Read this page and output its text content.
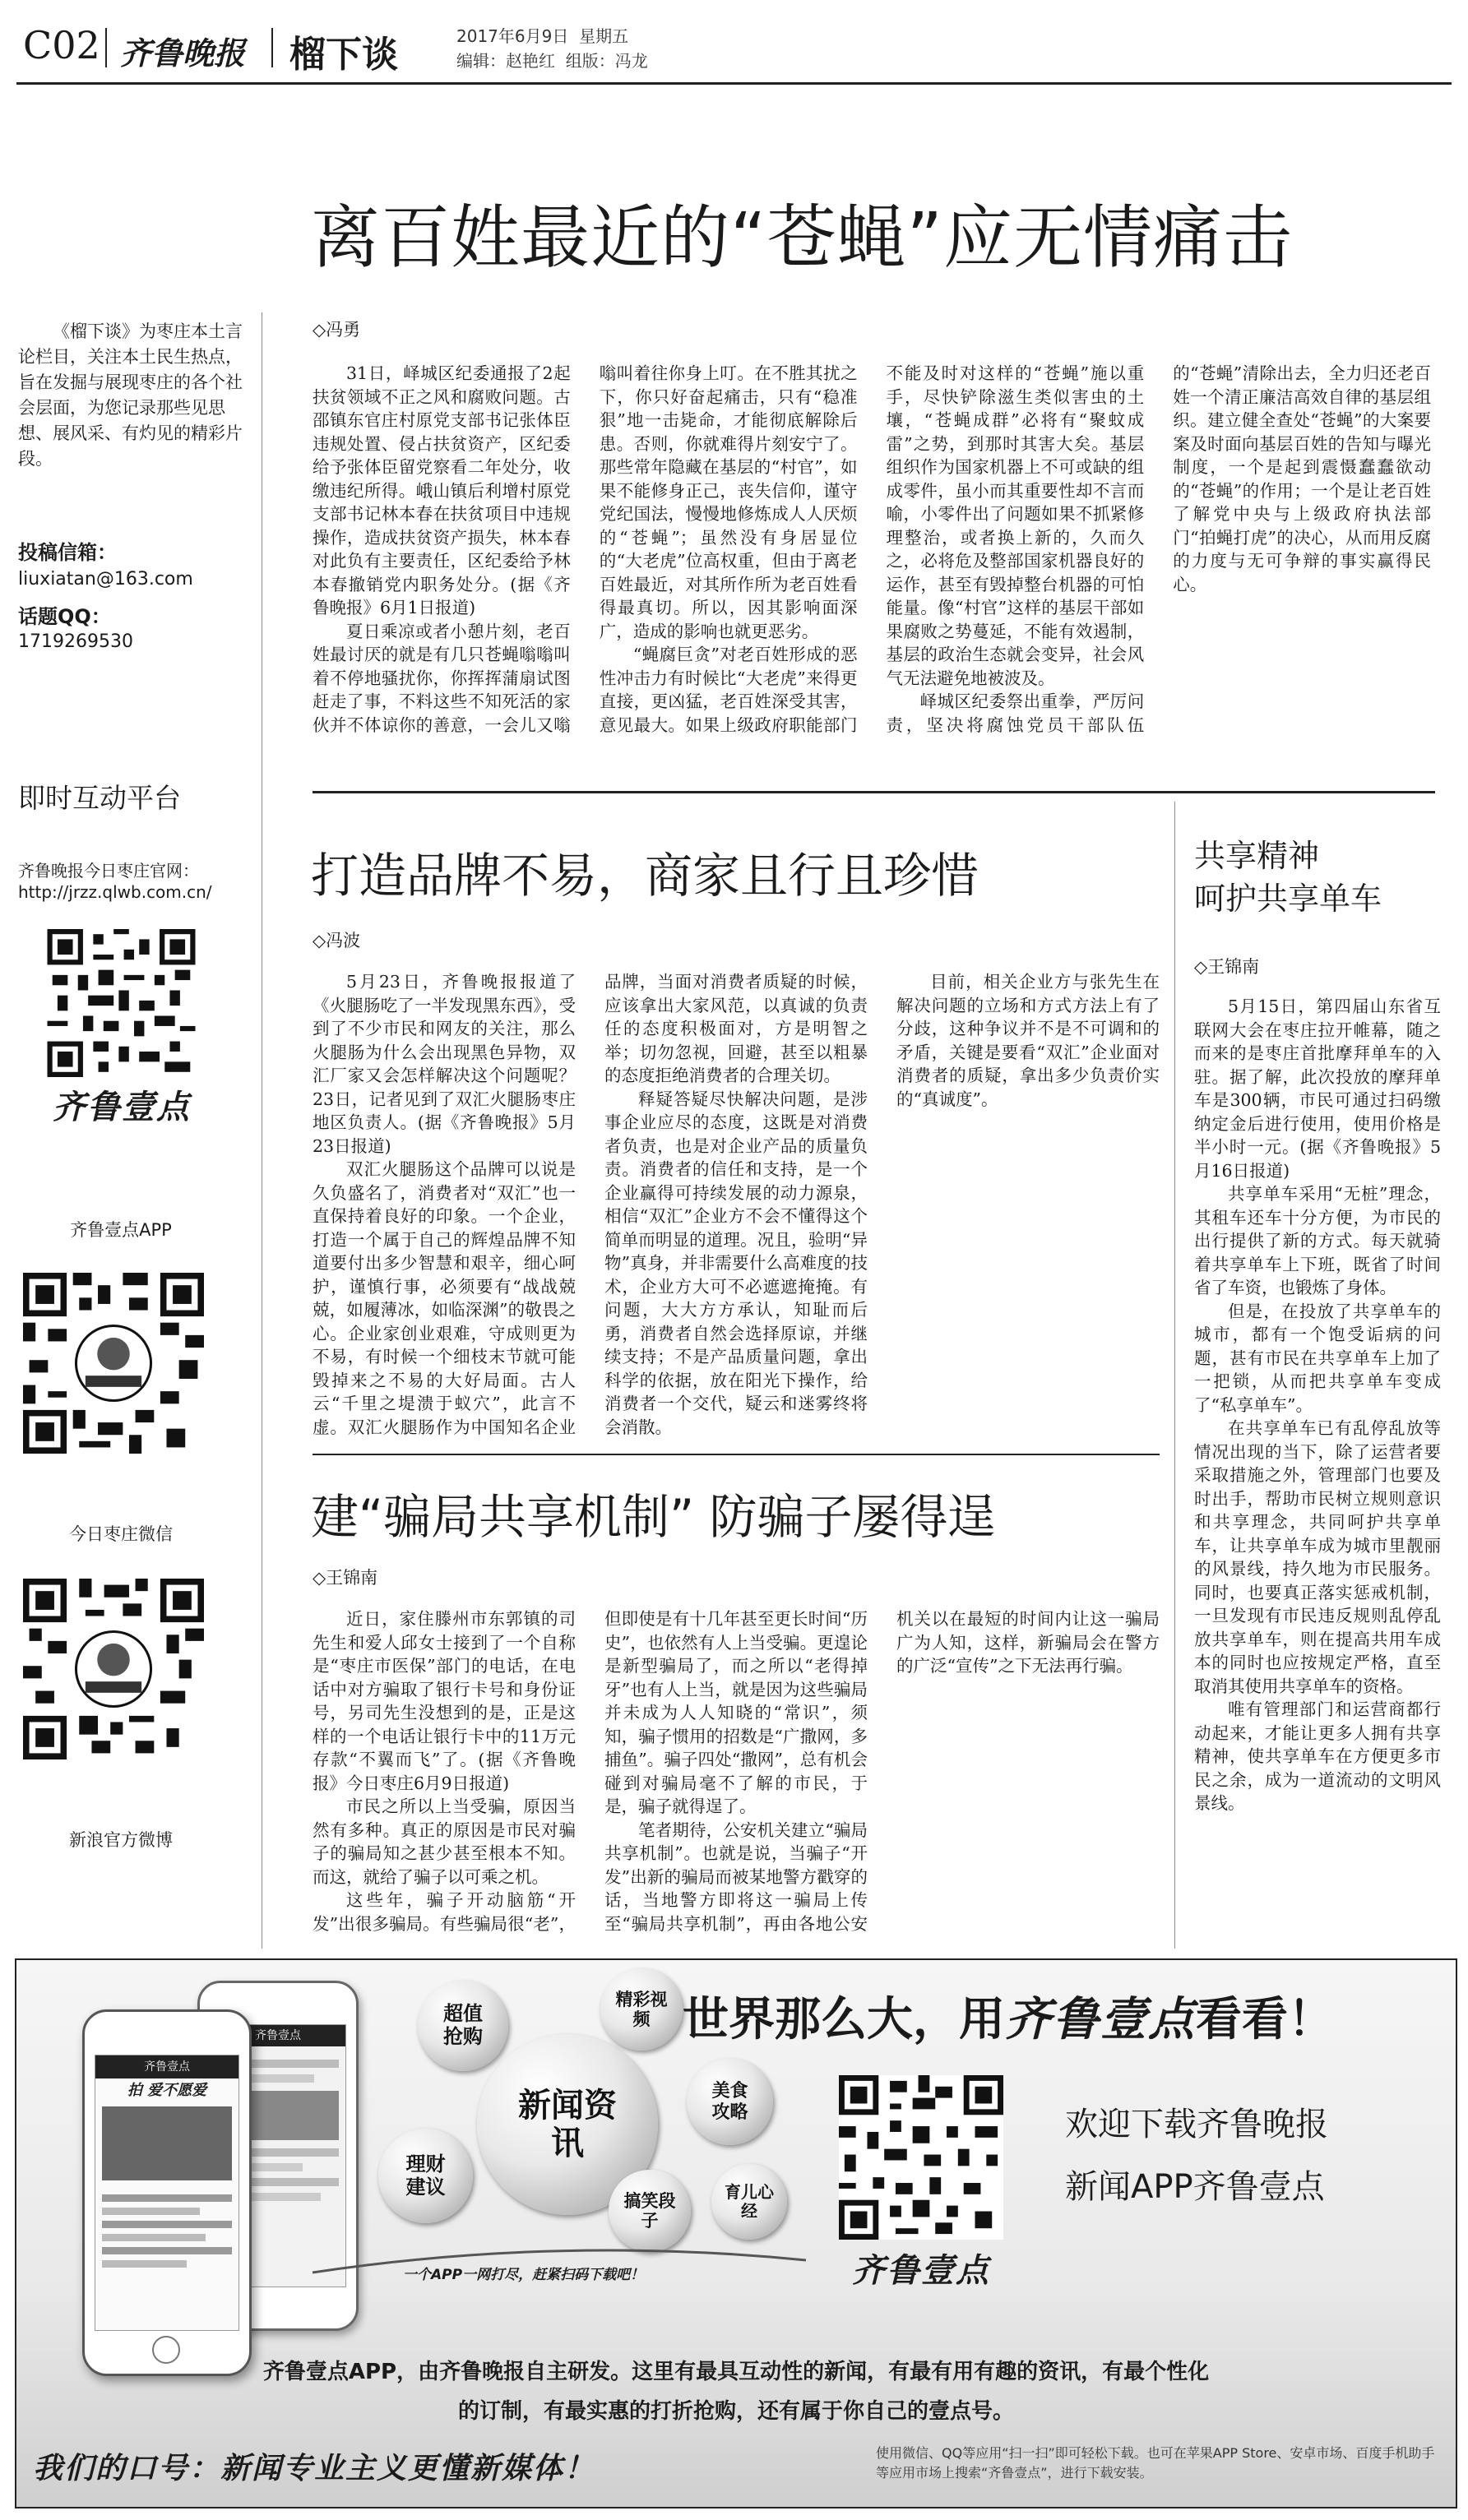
C02 齐鲁晚报 榴下谈	2017年6月9日 星期五
编辑：赵艳红 组版：冯龙
《榴下谈》为枣庄本土言论栏目，关注本土民生热点，旨在发掘与展现枣庄的各个社会层面，为您记录那些见思想、展风采、有灼见的精彩片段。
投稿信箱：
liuxiatan@163.com
话题QQ：
1719269530
即时互动平台
齐鲁晚报今日枣庄官网：
http://jrzz.qlwb.com.cn/
齐鲁壹点
齐鲁壹点APP
今日枣庄微信
新浪官方微博
离百姓最近的“苍蝇”应无情痛击
◇冯勇

31日，峄城区纪委通报了2起扶贫领域不正之风和腐败问题。古邵镇东官庄村原党支部书记张体臣违规处置、侵占扶贫资产，区纪委给予张体臣留党察看二年处分，收缴违纪所得。峨山镇后利增村原党支部书记林本春在扶贫项目中违规操作，造成扶贫资产损失，林本春对此负有主要责任，区纪委给予林本春撤销党内职务处分。(据《齐鲁晚报》6月1日报道)

夏日乘凉或者小憩片刻，老百姓最讨厌的就是有几只苍蝇嗡嗡叫着不停地骚扰你，你挥挥蒲扇试图赶走了事，不料这些不知死活的家伙并不体谅你的善意，一会儿又嗡嗡叫着往你身上叮。在不胜其扰之下，你只好奋起痛击，只有“稳准狠”地一击毙命，才能彻底解除后患。否则，你就难得片刻安宁了。那些常年隐藏在基层的“村官”，如果不能修身正己，丧失信仰，谨守党纪国法，慢慢地修炼成人人厌烦的“苍蝇”；虽然没有身居显位的“大老虎”位高权重，但由于离老百姓最近，对其所作所为老百姓看得最真切。所以，因其影响面深广，造成的影响也就更恶劣。

“蝇腐巨贪”对老百姓形成的恶性冲击力有时候比“大老虎”来得更直接，更凶猛，老百姓深受其害，意见最大。如果上级政府职能部门不能及时对这样的“苍蝇”施以重手，尽快铲除滋生类似害虫的土壤，“苍蝇成群”必将有“聚蚊成雷”之势，到那时其害大矣。基层组织作为国家机器上不可或缺的组成零件，虽小而其重要性却不言而喻，小零件出了问题如果不抓紧修理整治，或者换上新的，久而久之，必将危及整部国家机器良好的运作，甚至有毁掉整台机器的可怕能量。像“村官”这样的基层干部如果腐败之势蔓延，不能有效遏制，基层的政治生态就会变异，社会风气无法避免地被波及。

峄城区纪委祭出重拳，严厉问责，坚决将腐蚀党员干部队伍的“苍蝇”清除出去，全力归还老百姓一个清正廉洁高效自律的基层组织。建立健全查处“苍蝇”的大案要案及时面向基层百姓的告知与曝光制度，一个是起到震慑蠢蠢欲动的“苍蝇”的作用；一个是让老百姓了解党中央与上级政府执法部门“拍蝇打虎”的决心，从而用反腐的力度与无可争辩的事实赢得民心。

打造品牌不易，商家且行且珍惜
◇冯波

5月23日，齐鲁晚报报道了《火腿肠吃了一半发现黑东西》，受到了不少市民和网友的关注，那么火腿肠为什么会出现黑色异物，双汇厂家又会怎样解决这个问题呢？23日，记者见到了双汇火腿肠枣庄地区负责人。(据《齐鲁晚报》5月23日报道)

双汇火腿肠这个品牌可以说是久负盛名了，消费者对“双汇”也一直保持着良好的印象。一个企业，打造一个属于自己的辉煌品牌不知道要付出多少智慧和艰辛，细心呵护，谨慎行事，必须要有“战战兢兢，如履薄冰，如临深渊”的敬畏之心。企业家创业艰难，守成则更为不易，有时候一个细枝末节就可能毁掉来之不易的大好局面。古人云“千里之堤溃于蚁穴”，此言不虚。双汇火腿肠作为中国知名企业品牌，当面对消费者质疑的时候，应该拿出大家风范，以真诚的负责任的态度积极面对，方是明智之举；切勿忽视，回避，甚至以粗暴的态度拒绝消费者的合理关切。

释疑答疑尽快解决问题，是涉事企业应尽的态度，这既是对消费者负责，也是对企业产品的质量负责。消费者的信任和支持，是一个企业赢得可持续发展的动力源泉，相信“双汇”企业方不会不懂得这个简单而明显的道理。况且，验明“异物”真身，并非需要什么高难度的技术，企业方大可不必遮遮掩掩。有问题，大大方方承认，知耻而后勇，消费者自然会选择原谅，并继续支持；不是产品质量问题，拿出科学的依据，放在阳光下操作，给消费者一个交代，疑云和迷雾终将会消散。

目前，相关企业方与张先生在解决问题的立场和方式方法上有了分歧，这种争议并不是不可调和的矛盾，关键是要看“双汇”企业面对消费者的质疑，拿出多少负责价实的“真诚度”。

建“骗局共享机制” 防骗子屡得逞
◇王锦南

近日，家住滕州市东郭镇的司先生和爱人邱女士接到了一个自称是“枣庄市医保”部门的电话，在电话中对方骗取了银行卡号和身份证号，另司先生没想到的是，正是这样的一个电话让银行卡中的11万元存款“不翼而飞”了。(据《齐鲁晚报》今日枣庄6月9日报道)

市民之所以上当受骗，原因当然有多种。真正的原因是市民对骗子的骗局知之甚少甚至根本不知。而这，就给了骗子以可乘之机。

这些年，骗子开动脑筋“开发”出很多骗局。有些骗局很“老”，但即使是有十几年甚至更长时间“历史”，也依然有人上当受骗。更遑论是新型骗局了，而之所以“老得掉牙”也有人上当，就是因为这些骗局并未成为人人知晓的“常识”，须知，骗子惯用的招数是“广撒网，多捕鱼”。骗子四处“撒网”，总有机会碰到对骗局毫不了解的市民，于是，骗子就得逞了。

笔者期待，公安机关建立“骗局共享机制”。也就是说，当骗子“开发”出新的骗局而被某地警方戳穿的话，当地警方即将这一骗局上传至“骗局共享机制”，再由各地公安机关以在最短的时间内让这一骗局广为人知，这样，新骗局会在警方的广泛“宣传”之下无法再行骗。

共享精神
呵护共享单车
◇王锦南

5月15日，第四届山东省互联网大会在枣庄拉开帷幕，随之而来的是枣庄首批摩拜单车的入驻。据了解，此次投放的摩拜单车是300辆，市民可通过扫码缴纳定金后进行使用，使用价格是半小时一元。(据《齐鲁晚报》5月16日报道)

共享单车采用“无桩”理念，其租车还车十分方便，为市民的出行提供了新的方式。每天就骑着共享单车上下班，既省了时间省了车资，也锻炼了身体。

但是，在投放了共享单车的城市，都有一个饱受诟病的问题，甚有市民在共享单车上加了一把锁，从而把共享单车变成了“私享单车”。

在共享单车已有乱停乱放等情况出现的当下，除了运营者要采取措施之外，管理部门也要及时出手，帮助市民树立规则意识和共享理念，共同呵护共享单车，让共享单车成为城市里靓丽的风景线，持久地为市民服务。同时，也要真正落实惩戒机制，一旦发现有市民违反规则乱停乱放共享单车，则在提高共用车成本的同时也应按规定严格，直至取消其使用共享单车的资格。

唯有管理部门和运营商都行动起来，才能让更多人拥有共享精神，使共享单车在方便更多市民之余，成为一道流动的文明风景线。

齐鲁壹点
齐鲁壹点
拍 爱不愿爱	新闻资讯
超值抢购
精彩视频
美食攻略
理财建议
搞笑段子
育儿心经
一个APP一网打尽，赶紧扫码下载吧！
世界那么大，用齐鲁壹点看看！
齐鲁壹点
欢迎下载齐鲁晚报
新闻APP齐鲁壹点
齐鲁壹点APP，由齐鲁晚报自主研发。这里有最具互动性的新闻，有最有用有趣的资讯，有最个性化
的订制，有最实惠的打折抢购，还有属于你自己的壹点号。
我们的口号：新闻专业主义更懂新媒体！	使用微信、QQ等应用“扫一扫”即可轻松下载。也可在苹果APP Store、安卓市场、百度手机助手等应用市场上搜索“齐鲁壹点”，进行下载安装。
